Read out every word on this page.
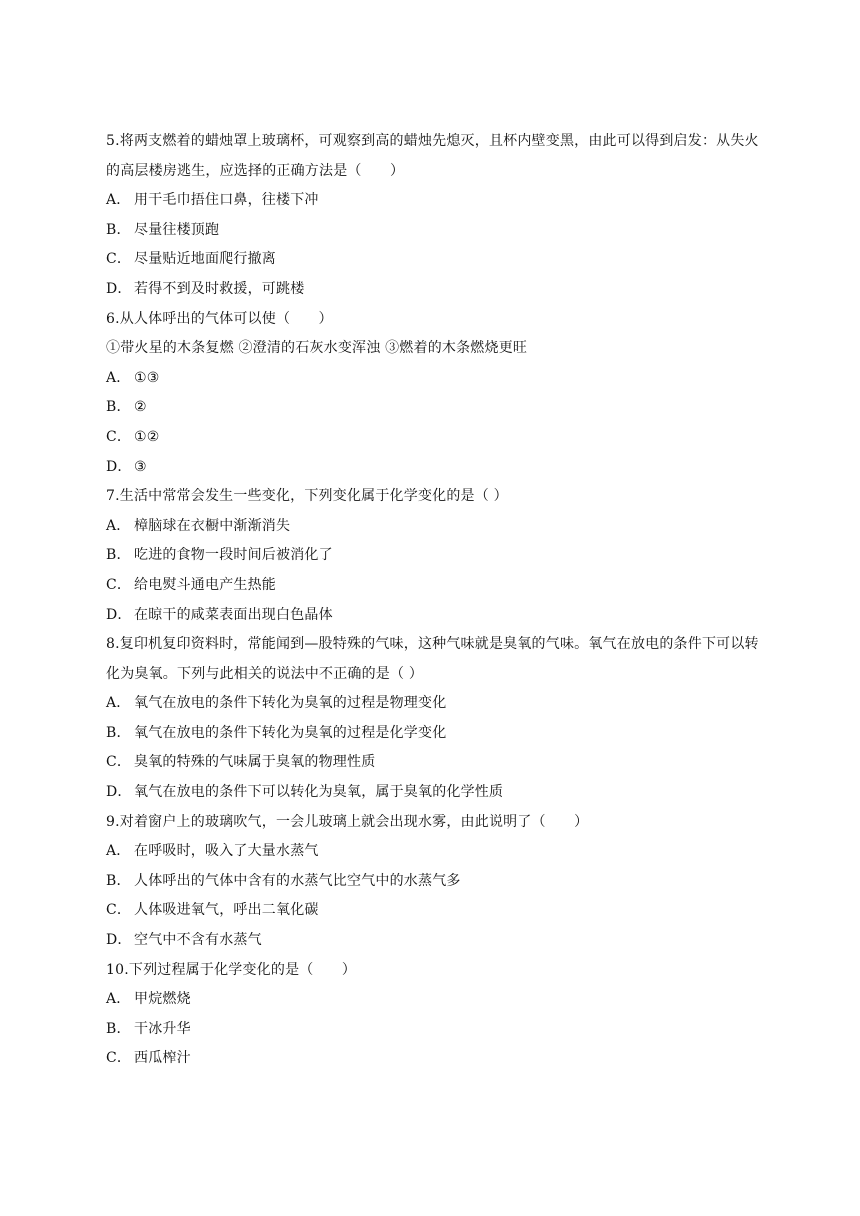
5.将两支燃着的蜡烛罩上玻璃杯，可观察到高的蜡烛先熄灭，且杯内壁变黑，由此可以得到启发：从失火的高层楼房逃生，应选择的正确方法是（　　）
A． 用干毛巾捂住口鼻，往楼下冲
B． 尽量往楼顶跑
C． 尽量贴近地面爬行撤离
D． 若得不到及时救援，可跳楼
6.从人体呼出的气体可以使（　　）
①带火星的木条复燃 ②澄清的石灰水变浑浊 ③燃着的木条燃烧更旺
A． ①③
B． ②
C． ①②
D． ③
7.生活中常常会发生一些变化，下列变化属于化学变化的是（ ）
A． 樟脑球在衣橱中渐渐消失
B． 吃进的食物一段时间后被消化了
C． 给电熨斗通电产生热能
D． 在晾干的咸菜表面出现白色晶体
8.复印机复印资料时，常能闻到—股特殊的气味，这种气味就是臭氧的气味。氧气在放电的条件下可以转化为臭氧。下列与此相关的说法中不正确的是（ ）
A． 氧气在放电的条件下转化为臭氧的过程是物理变化
B． 氧气在放电的条件下转化为臭氧的过程是化学变化
C． 臭氧的特殊的气味属于臭氧的物理性质
D． 氧气在放电的条件下可以转化为臭氧，属于臭氧的化学性质
9.对着窗户上的玻璃吹气，一会儿玻璃上就会出现水雾，由此说明了（　　）
A． 在呼吸时，吸入了大量水蒸气
B． 人体呼出的气体中含有的水蒸气比空气中的水蒸气多
C． 人体吸进氧气，呼出二氧化碳
D． 空气中不含有水蒸气
10.下列过程属于化学变化的是（　　）
A． 甲烷燃烧
B． 干冰升华
C． 西瓜榨汁
